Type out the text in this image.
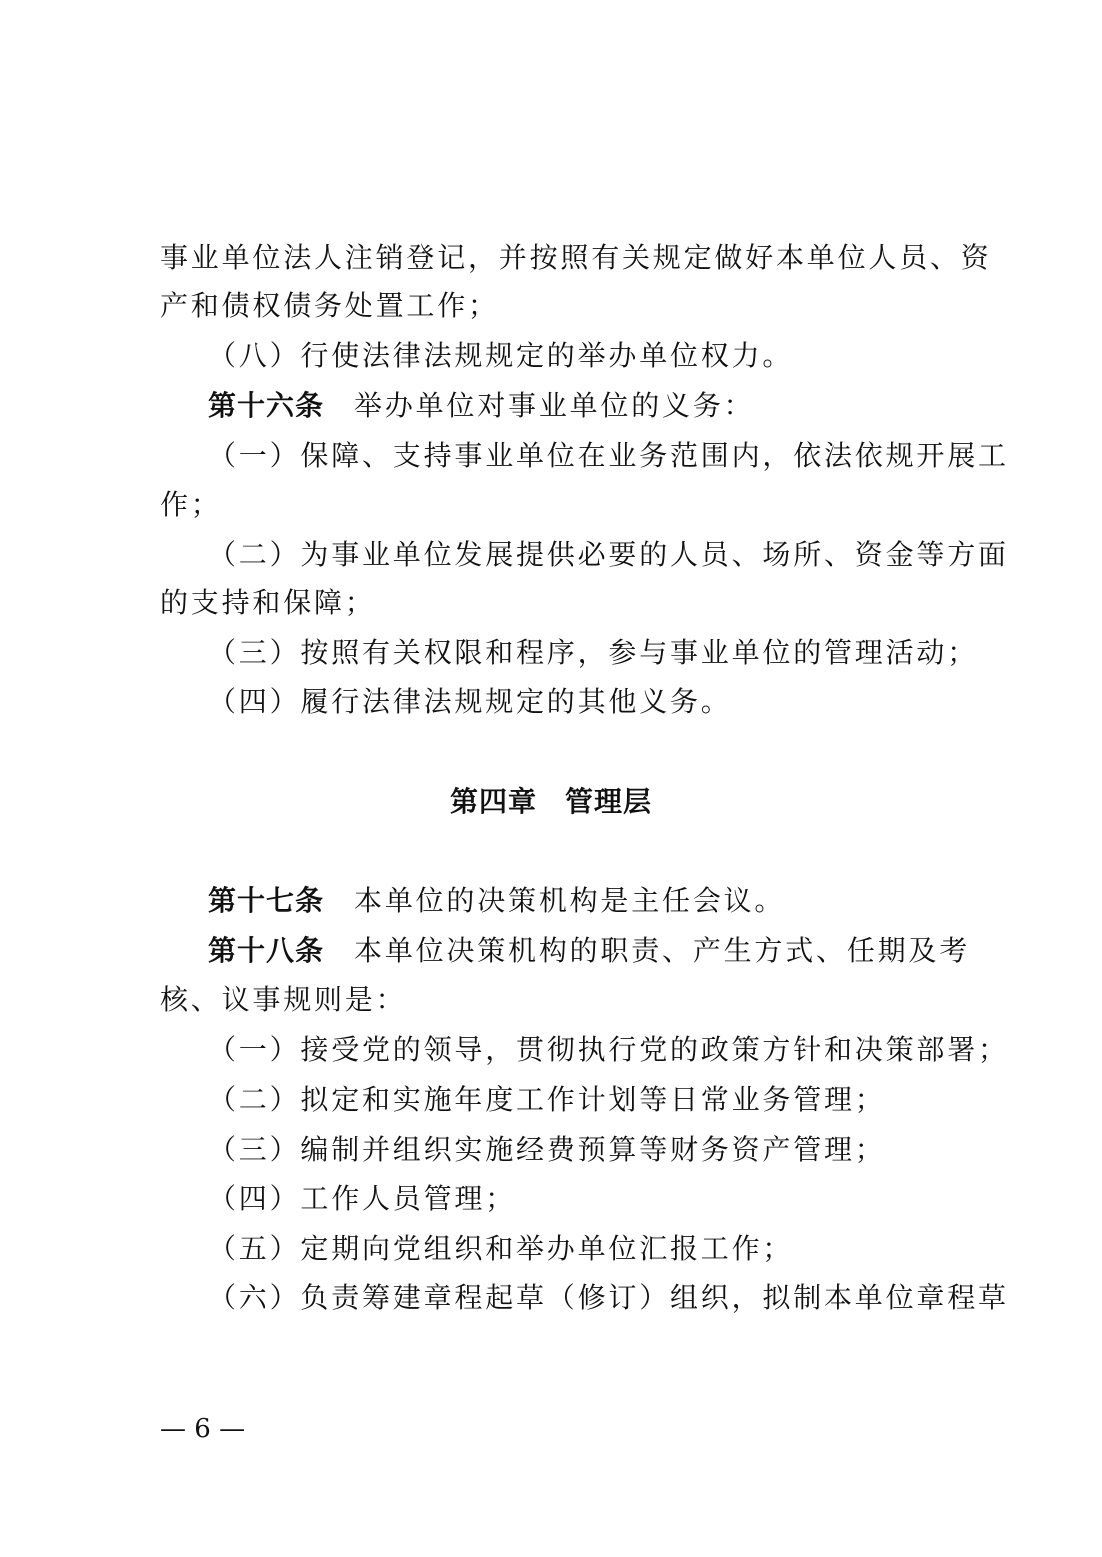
事业单位法人注销登记，并按照有关规定做好本单位人员、资
产和债权债务处置工作；
（八）行使法律法规规定的举办单位权力。
第十六条 举办单位对事业单位的义务：
（一）保障、支持事业单位在业务范围内，依法依规开展工
作；
（二）为事业单位发展提供必要的人员、场所、资金等方面
的支持和保障；
（三）按照有关权限和程序，参与事业单位的管理活动；
（四）履行法律法规规定的其他义务。
第四章 管理层
第十七条 本单位的决策机构是主任会议。
第十八条 本单位决策机构的职责、产生方式、任期及考
核、议事规则是：
（一）接受党的领导，贯彻执行党的政策方针和决策部署；
（二）拟定和实施年度工作计划等日常业务管理；
（三）编制并组织实施经费预算等财务资产管理；
（四）工作人员管理；
（五）定期向党组织和举办单位汇报工作；
（六）负责筹建章程起草（修订）组织，拟制本单位章程草
— 6 —
